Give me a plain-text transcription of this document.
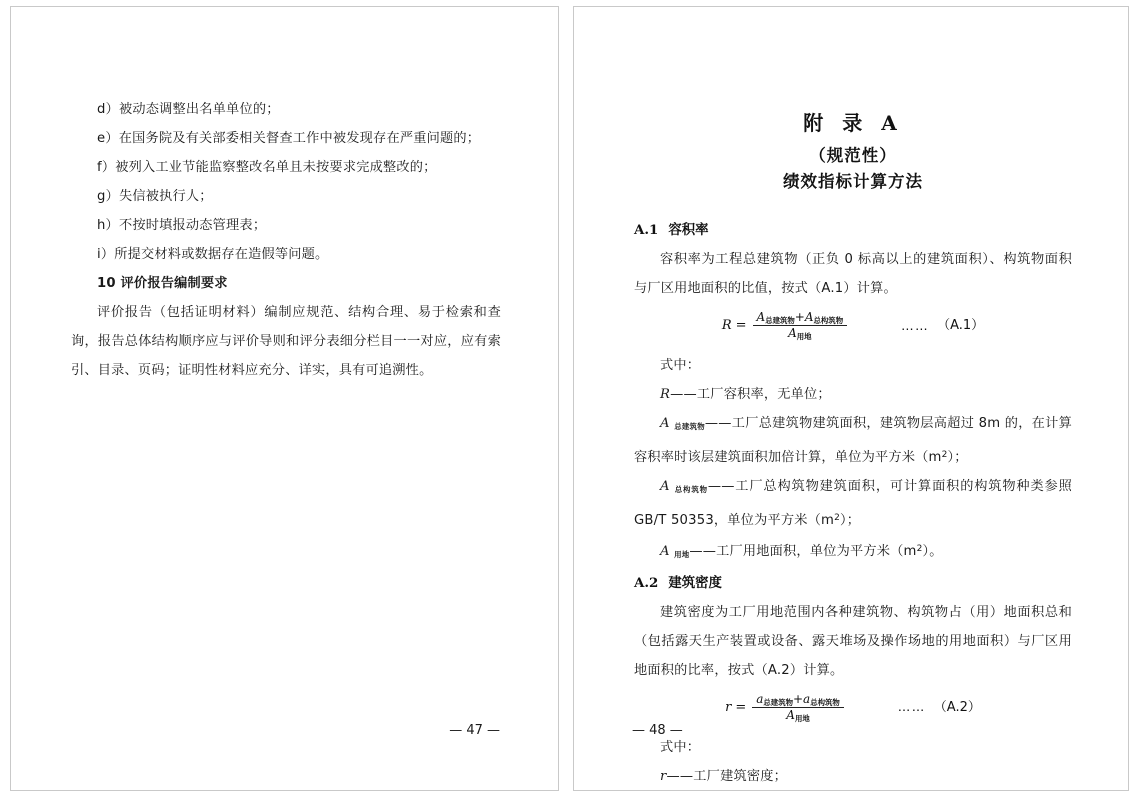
d）被动态调整出名单单位的；

e）在国务院及有关部委相关督查工作中被发现存在严重问题的；

f）被列入工业节能监察整改名单且未按要求完成整改的；

g）失信被执行人；

h）不按时填报动态管理表；

i）所提交材料或数据存在造假等问题。

10 评价报告编制要求

评价报告（包括证明材料）编制应规范、结构合理、易于检索和查询，报告总体结构顺序应与评价导则和评分表细分栏目一一对应，应有索引、目录、页码；证明性材料应充分、详实，具有可追溯性。

— 47 —
附 录 A
（规范性）
绩效指标计算方法

A.1 容积率

容积率为工程总建筑物（正负 0 标高以上的建筑面积）、构筑物面积与厂区用地面积的比值，按式（A.1）计算。

$R = \frac{A_{总建筑物}+A_{总构筑物}}{A_{用地}}$	…… （A.1）

式中：

R——工厂容积率，无单位；

A $_{总建筑物}$——工厂总建筑物建筑面积，建筑物层高超过 8m 的，在计算容积率时该层建筑面积加倍计算，单位为平方米$(m^2)$；

A $_{总构筑物}$——工厂总构筑物建筑面积，可计算面积的构筑物种类参照 GB/T 50353，单位为平方米$(m^2)$；

A $_{用地}$——工厂用地面积，单位为平方米$(m^2)$。

A.2 建筑密度

建筑密度为工厂用地范围内各种建筑物、构筑物占（用）地面积总和（包括露天生产装置或设备、露天堆场及操作场地的用地面积）与厂区用地面积的比率，按式（A.2）计算。

$r = \frac{a_{总建筑物}+a_{总构筑物}}{A_{用地}}$	…… （A.2）

式中：

r——工厂建筑密度；

— 48 —
